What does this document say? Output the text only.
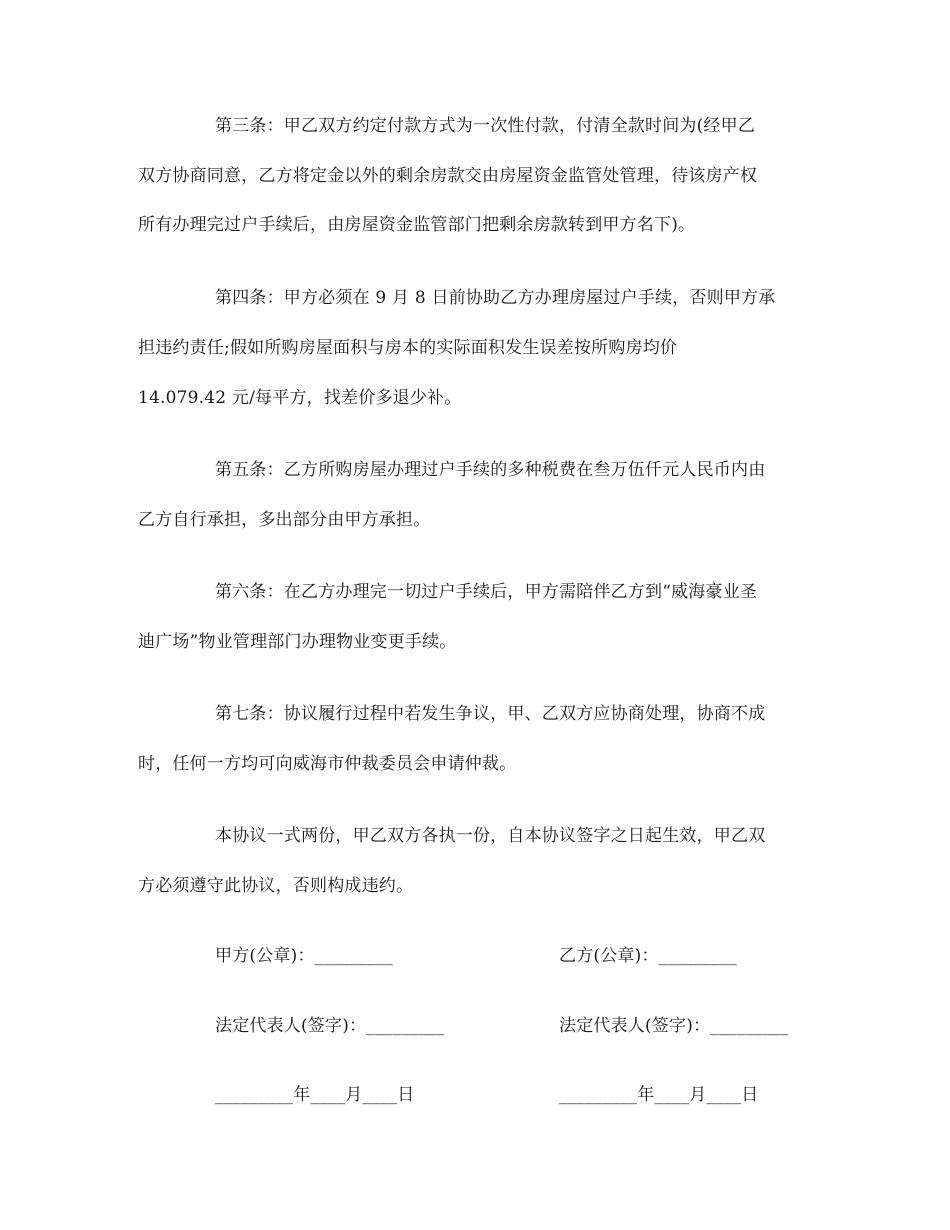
第三条：甲乙双方约定付款方式为一次性付款，付清全款时间为(经甲乙
双方协商同意，乙方将定金以外的剩余房款交由房屋资金监管处管理，待该房产权
所有办理完过户手续后，由房屋资金监管部门把剩余房款转到甲方名下)。
第四条：甲方必须在 9 月 8 日前协助乙方办理房屋过户手续，否则甲方承
担违约责任;假如所购房屋面积与房本的实际面积发生误差按所购房均价
14.079.42 元/每平方，找差价多退少补。
第五条：乙方所购房屋办理过户手续的多种税费在叁万伍仟元人民币内由
乙方自行承担，多出部分由甲方承担。
第六条：在乙方办理完一切过户手续后，甲方需陪伴乙方到“威海豪业圣
迪广场”物业管理部门办理物业变更手续。
第七条：协议履行过程中若发生争议，甲、乙双方应协商处理，协商不成
时，任何一方均可向威海市仲裁委员会申请仲裁。
本协议一式两份，甲乙双方各执一份，自本协议签字之日起生效，甲乙双
方必须遵守此协议，否则构成违约。
甲方(公章)：_________	乙方(公章)：_________
法定代表人(签字)：_________	法定代表人(签字)：_________
_________年____月____日	_________年____月____日
